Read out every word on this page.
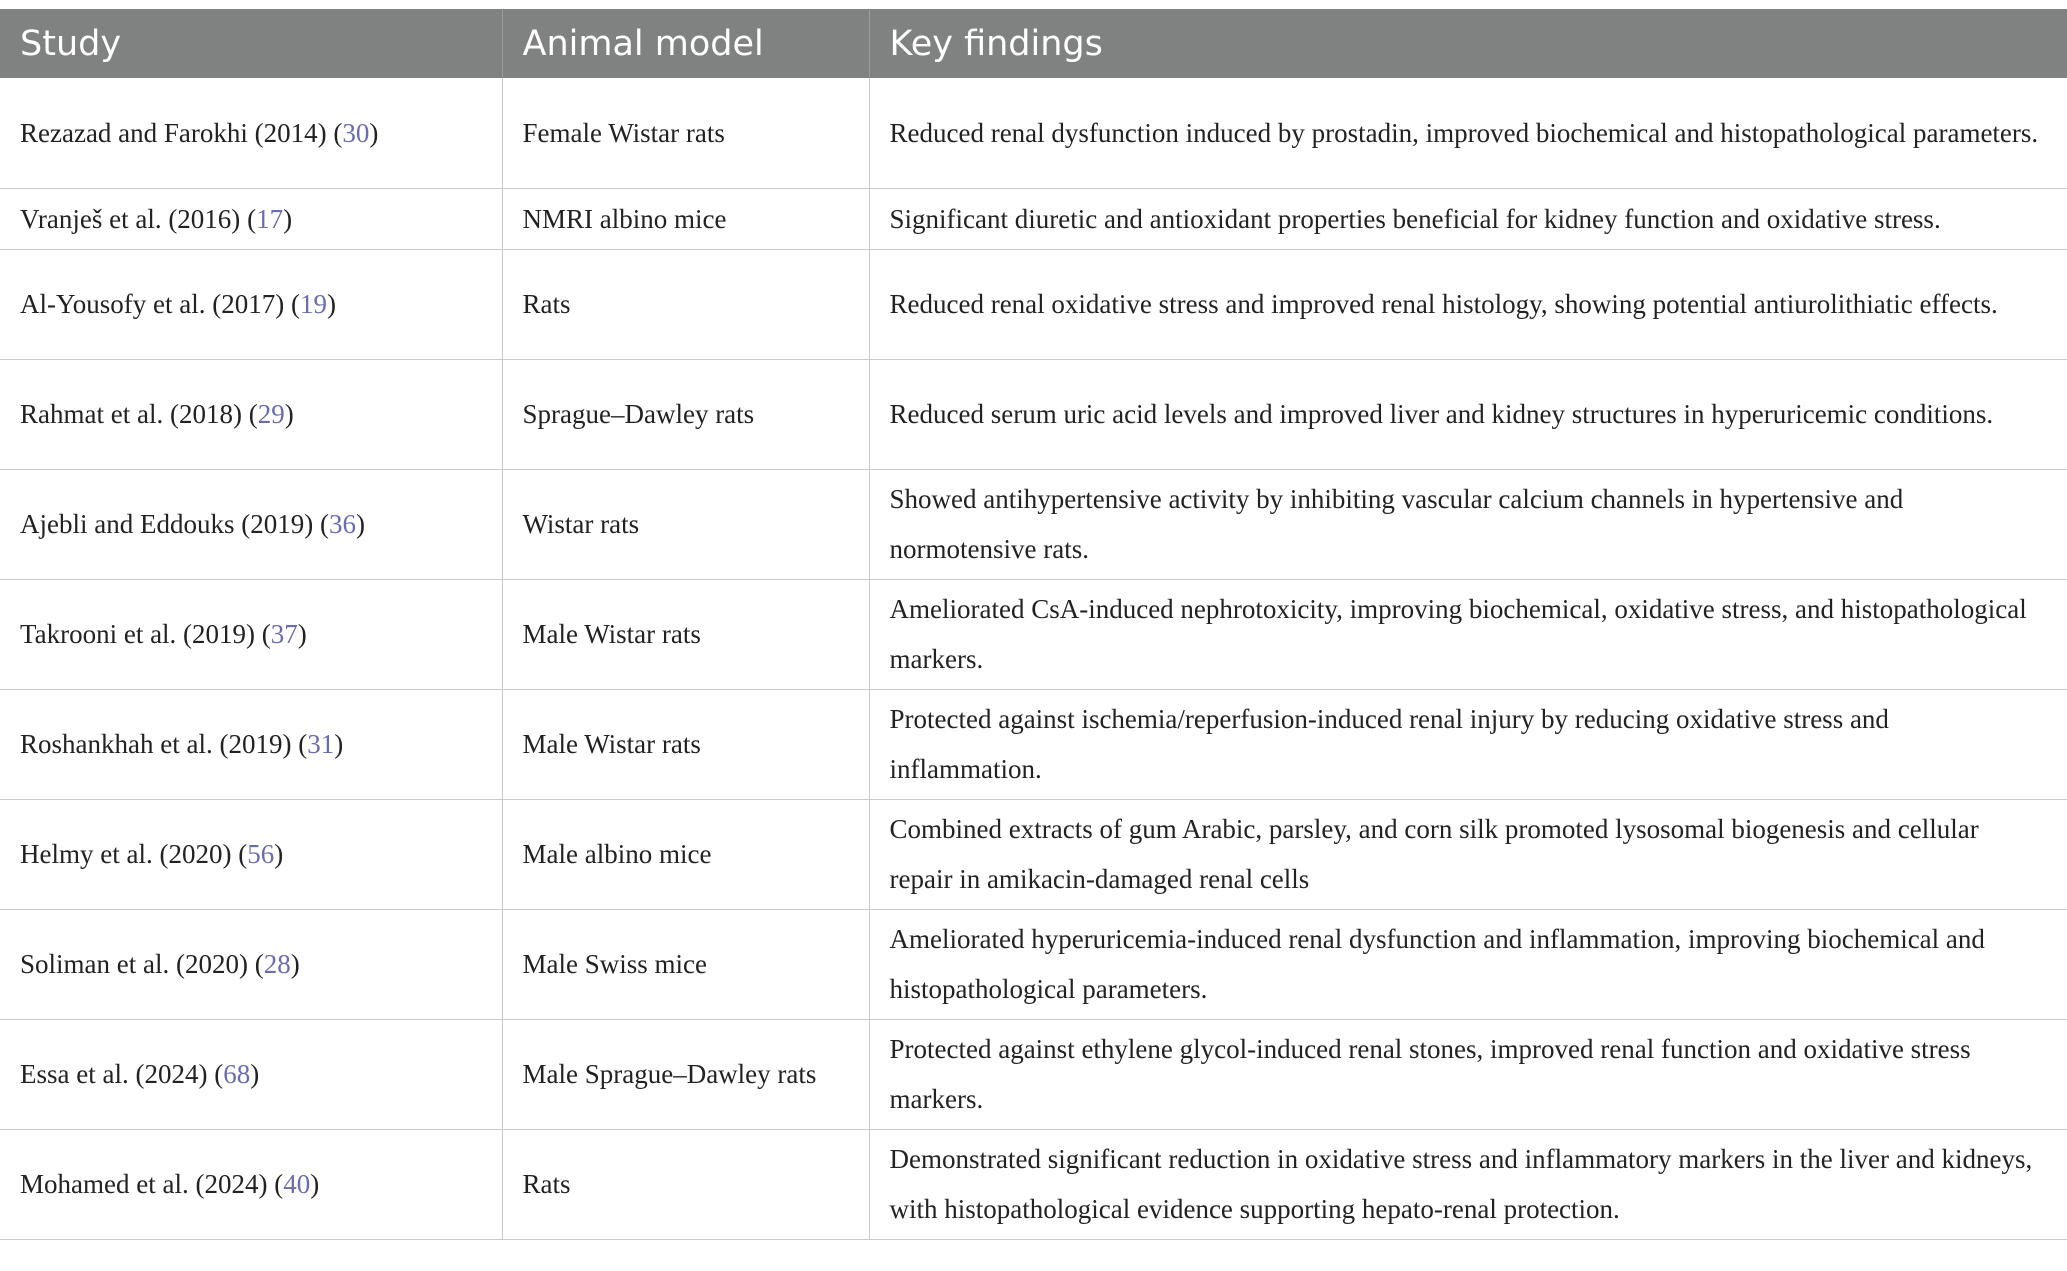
Study	Animal model	Key findings
Rezazad and Farokhi (2014) (30)	Female Wistar rats	Reduced renal dysfunction induced by prostadin, improved biochemical and histopathological parameters.
Vranješ et al. (2016) (17)	NMRI albino mice	Significant diuretic and antioxidant properties beneficial for kidney function and oxidative stress.
Al-Yousofy et al. (2017) (19)	Rats	Reduced renal oxidative stress and improved renal histology, showing potential antiurolithiatic effects.
Rahmat et al. (2018) (29)	Sprague–Dawley rats	Reduced serum uric acid levels and improved liver and kidney structures in hyperuricemic conditions.
Ajebli and Eddouks (2019) (36)	Wistar rats	Showed antihypertensive activity by inhibiting vascular calcium channels in hypertensive and normotensive rats.
Takrooni et al. (2019) (37)	Male Wistar rats	Ameliorated CsA-induced nephrotoxicity, improving biochemical, oxidative stress, and histopathological markers.
Roshankhah et al. (2019) (31)	Male Wistar rats	Protected against ischemia/reperfusion-induced renal injury by reducing oxidative stress and inflammation.
Helmy et al. (2020) (56)	Male albino mice	Combined extracts of gum Arabic, parsley, and corn silk promoted lysosomal biogenesis and cellular repair in amikacin-damaged renal cells
Soliman et al. (2020) (28)	Male Swiss mice	Ameliorated hyperuricemia-induced renal dysfunction and inflammation, improving biochemical and histopathological parameters.
Essa et al. (2024) (68)	Male Sprague–Dawley rats	Protected against ethylene glycol-induced renal stones, improved renal function and oxidative stress markers.
Mohamed et al. (2024) (40)	Rats	Demonstrated significant reduction in oxidative stress and inflammatory markers in the liver and kidneys, with histopathological evidence supporting hepato-renal protection.
